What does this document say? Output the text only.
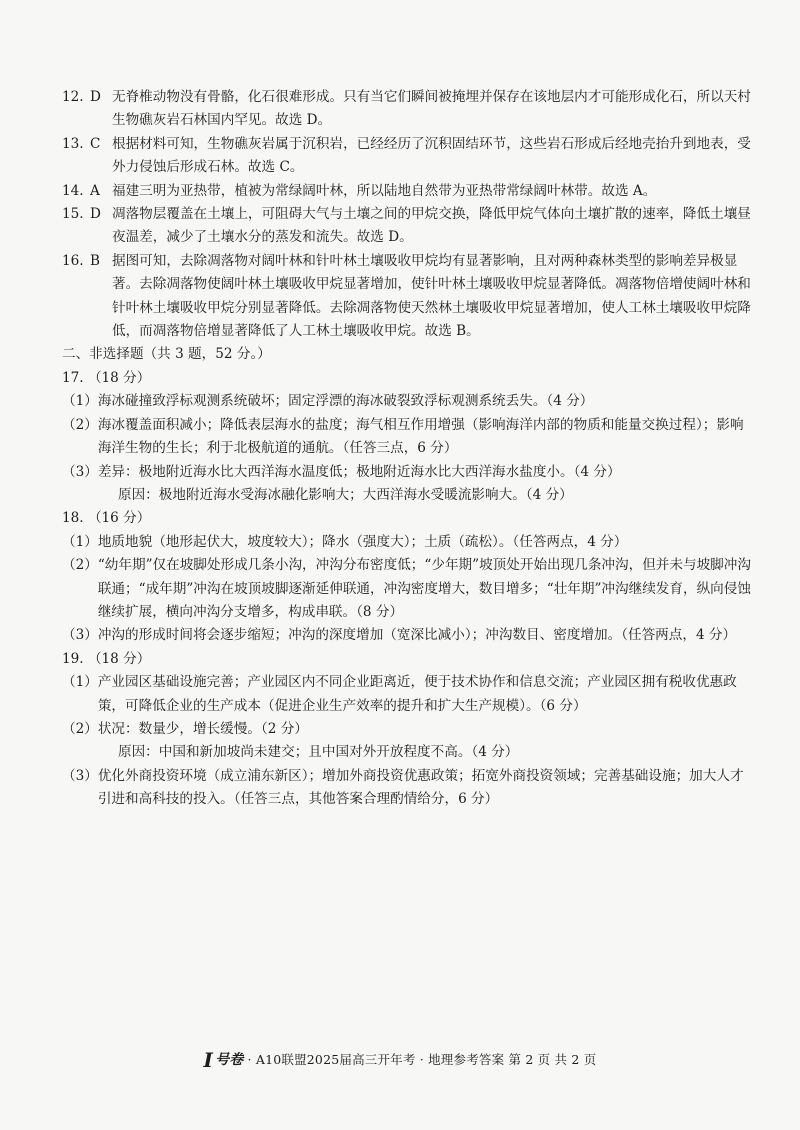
12. D 无脊椎动物没有骨骼，化石很难形成。只有当它们瞬间被掩埋并保存在该地层内才可能形成化石，所以天村生物礁灰岩石林国内罕见。故选 D。
13. C 根据材料可知，生物礁灰岩属于沉积岩，已经经历了沉积固结环节，这些岩石形成后经地壳抬升到地表，受外力侵蚀后形成石林。故选 C。
14. A 福建三明为亚热带，植被为常绿阔叶林，所以陆地自然带为亚热带常绿阔叶林带。故选 A。
15. D 凋落物层覆盖在土壤上，可阻碍大气与土壤之间的甲烷交换，降低甲烷气体向土壤扩散的速率，降低土壤昼夜温差，减少了土壤水分的蒸发和流失。故选 D。
16. B 据图可知，去除凋落物对阔叶林和针叶林土壤吸收甲烷均有显著影响，且对两种森林类型的影响差异极显著。去除凋落物使阔叶林土壤吸收甲烷显著增加，使针叶林土壤吸收甲烷显著降低。凋落物倍增使阔叶林和针叶林土壤吸收甲烷分别显著降低。去除凋落物使天然林土壤吸收甲烷显著增加，使人工林土壤吸收甲烷降低，而凋落物倍增显著降低了人工林土壤吸收甲烷。故选 B。
二、非选择题（共 3 题，52 分。）
17. （18 分）
（1） 海冰碰撞致浮标观测系统破坏；固定浮漂的海冰破裂致浮标观测系统丢失。（4 分）
（2） 海冰覆盖面积减小；降低表层海水的盐度；海气相互作用增强（影响海洋内部的物质和能量交换过程）；影响海洋生物的生长；利于北极航道的通航。（任答三点，6 分）
（3） 差异：极地附近海水比大西洋海水温度低；极地附近海水比大西洋海水盐度小。（4 分）
原因：极地附近海水受海冰融化影响大；大西洋海水受暖流影响大。（4 分）
18. （16 分）
（1） 地质地貌（地形起伏大，坡度较大）；降水（强度大）；土质（疏松）。（任答两点，4 分）
（2） “幼年期”仅在坡脚处形成几条小沟，冲沟分布密度低；“少年期”坡顶处开始出现几条冲沟，但并未与坡脚冲沟联通；“成年期”冲沟在坡顶坡脚逐渐延伸联通，冲沟密度增大，数目增多；“壮年期”冲沟继续发育，纵向侵蚀继续扩展，横向冲沟分支增多，构成串联。（8 分）
（3） 冲沟的形成时间将会逐步缩短；冲沟的深度增加（宽深比减小）；冲沟数目、密度增加。（任答两点，4 分）
19. （18 分）
（1） 产业园区基础设施完善；产业园区内不同企业距离近，便于技术协作和信息交流；产业园区拥有税收优惠政策，可降低企业的生产成本（促进企业生产效率的提升和扩大生产规模）。（6 分）
（2） 状况：数量少，增长缓慢。（2 分）
原因：中国和新加坡尚未建交；且中国对外开放程度不高。（4 分）
（3） 优化外商投资环境（成立浦东新区）；增加外商投资优惠政策；拓宽外商投资领域；完善基础设施；加大人才引进和高科技的投入。（任答三点，其他答案合理酌情给分，6 分）
I 号卷 · A10联盟2025届高三开年考 · 地理参考答案 第 2 页 共 2 页
